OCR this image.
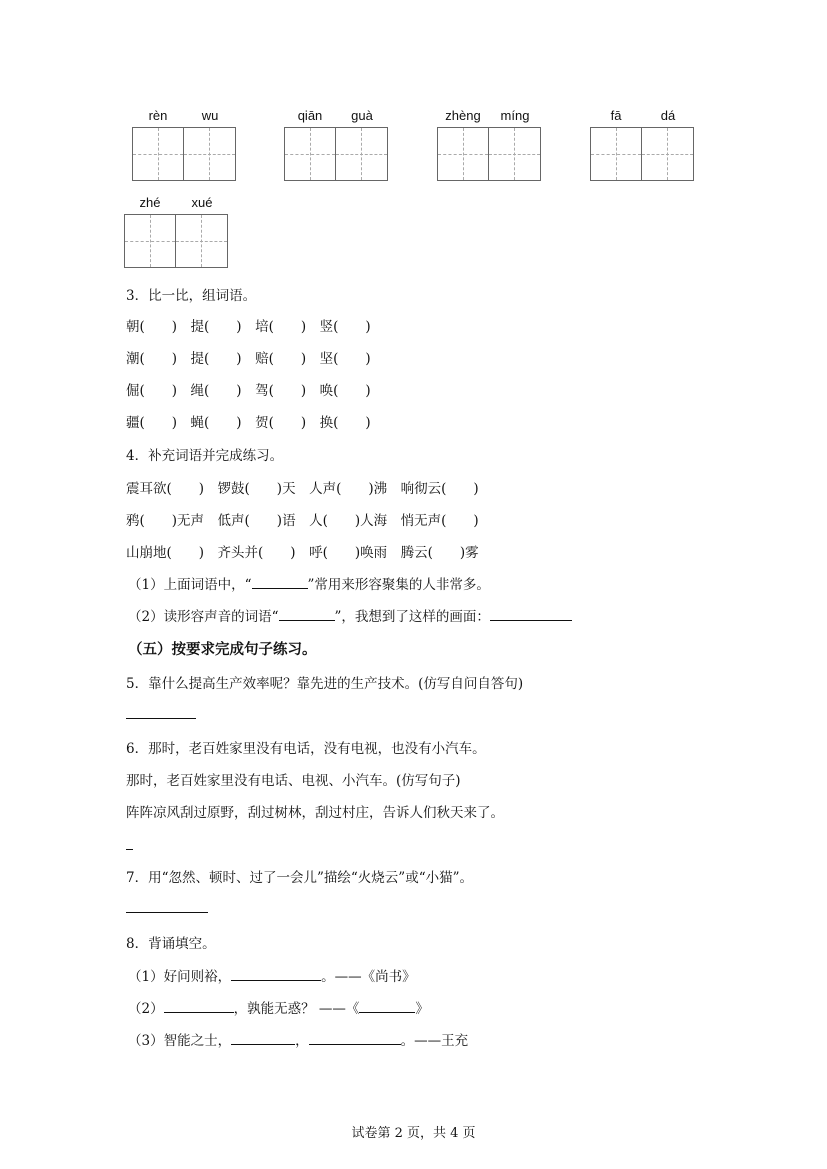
rèn	wu	qiān	guà	zhèng	míng	fā	dá
zhé	xué
3．比一比，组词语。
朝(　　)　提(　　)　培(　　)　竖(　　)
潮(　　)　提(　　)　赔(　　)　坚(　　)
倔(　　)　绳(　　)　驾(　　)　唤(　　)
疆(　　)　蝇(　　)　贺(　　)　换(　　)
4．补充词语并完成练习。
震耳欲(　　)　锣鼓(　　)天　人声(　　)沸　响彻云(　　)
鸦(　　)无声　低声(　　)语　人(　　)人海　悄无声(　　)
山崩地(　　)　齐头并(　　)　呼(　　)唤雨　腾云(　　)雾
（1）上面词语中，“	”常用来形容聚集的人非常多。
（2）读形容声音的词语“	”，我想到了这样的画面：
（五）按要求完成句子练习。
5．靠什么提高生产效率呢？靠先进的生产技术。(仿写自问自答句)
6．那时，老百姓家里没有电话，没有电视，也没有小汽车。
那时，老百姓家里没有电话、电视、小汽车。(仿写句子)
阵阵凉风刮过原野，刮过树林，刮过村庄，告诉人们秋天来了。
7．用“忽然、顿时、过了一会儿”描绘“火烧云”或“小猫”。
8．背诵填空。
（1）好问则裕，	。——《尚书》
（2）	，孰能无惑？ ——《	》
（3）智能之士，	，	。——王充
试卷第 2 页，共 4 页
